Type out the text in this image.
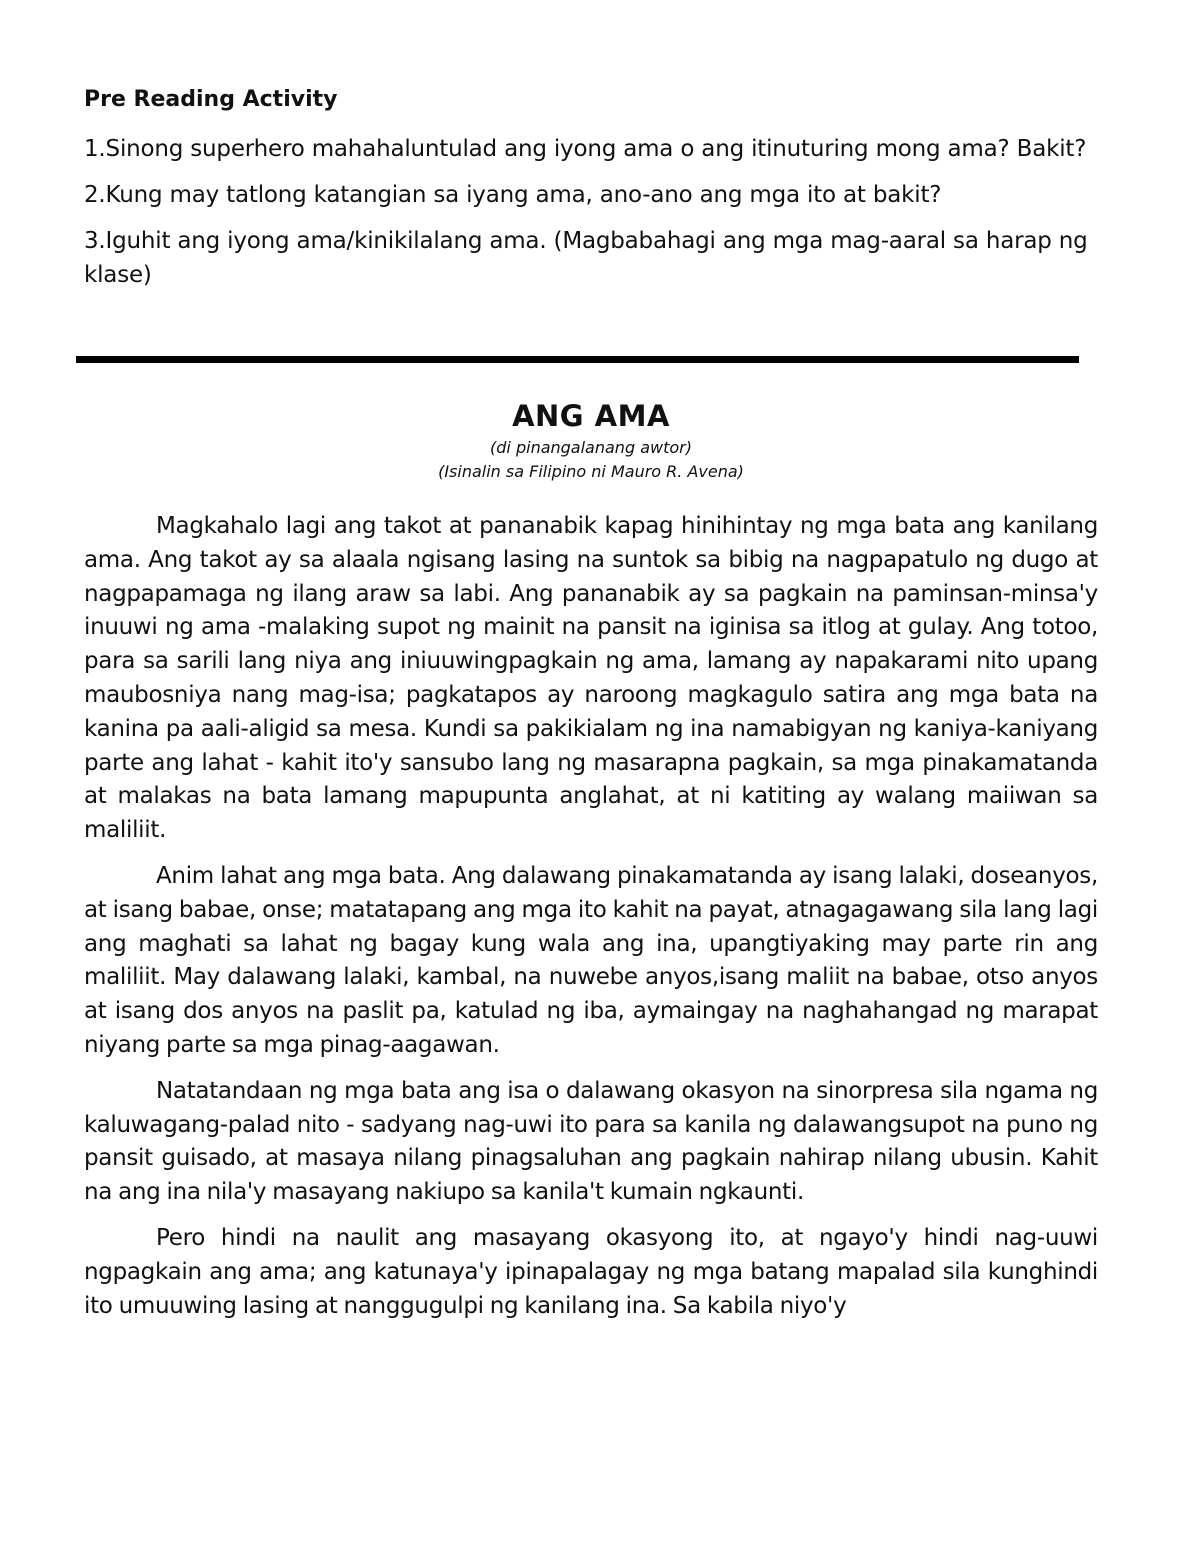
Pre Reading Activity

1.Sinong superhero mahahaluntulad ang iyong ama o ang itinuturing mong ama? Bakit?

2.Kung may tatlong katangian sa iyang ama, ano-ano ang mga ito at bakit?

3.Iguhit ang iyong ama/kinikilalang ama. (Magbabahagi ang mga mag-aaral sa harap ng klase)

ANG AMA

(di pinangalanang awtor)

(Isinalin sa Filipino ni Mauro R. Avena)

Magkahalo lagi ang takot at pananabik kapag hinihintay ng mga bata ang kanilang ama. Ang takot ay sa alaala ngisang lasing na suntok sa bibig na nagpapatulo ng dugo at nagpapamaga ng ilang araw sa labi. Ang pananabik ay sa pagkain na paminsan-minsa'y inuuwi ng ama -malaking supot ng mainit na pansit na iginisa sa itlog at gulay. Ang totoo, para sa sarili lang niya ang iniuuwingpagkain ng ama, lamang ay napakarami nito upang maubosniya nang mag-isa; pagkatapos ay naroong magkagulo satira ang mga bata na kanina pa aali-aligid sa mesa. Kundi sa pakikialam ng ina namabigyan ng kaniya-kaniyang parte ang lahat - kahit ito'y sansubo lang ng masarapna pagkain, sa mga pinakamatanda at malakas na bata lamang mapupunta anglahat, at ni katiting ay walang maiiwan sa maliliit.

Anim lahat ang mga bata. Ang dalawang pinakamatanda ay isang lalaki, doseanyos, at isang babae, onse; matatapang ang mga ito kahit na payat, atnagagawang sila lang lagi ang maghati sa lahat ng bagay kung wala ang ina, upangtiyaking may parte rin ang maliliit. May dalawang lalaki, kambal, na nuwebe anyos,isang maliit na babae, otso anyos at isang dos anyos na paslit pa, katulad ng iba, aymaingay na naghahangad ng marapat niyang parte sa mga pinag-aagawan.

Natatandaan ng mga bata ang isa o dalawang okasyon na sinorpresa sila ngama ng kaluwagang-palad nito - sadyang nag-uwi ito para sa kanila ng dalawangsupot na puno ng pansit guisado, at masaya nilang pinagsaluhan ang pagkain nahirap nilang ubusin. Kahit na ang ina nila'y masayang nakiupo sa kanila't kumain ngkaunti.

Pero hindi na naulit ang masayang okasyong ito, at ngayo'y hindi nag-uuwi ngpagkain ang ama; ang katunaya'y ipinapalagay ng mga batang mapalad sila kunghindi ito umuuwing lasing at nanggugulpi ng kanilang ina. Sa kabila niyo'y
